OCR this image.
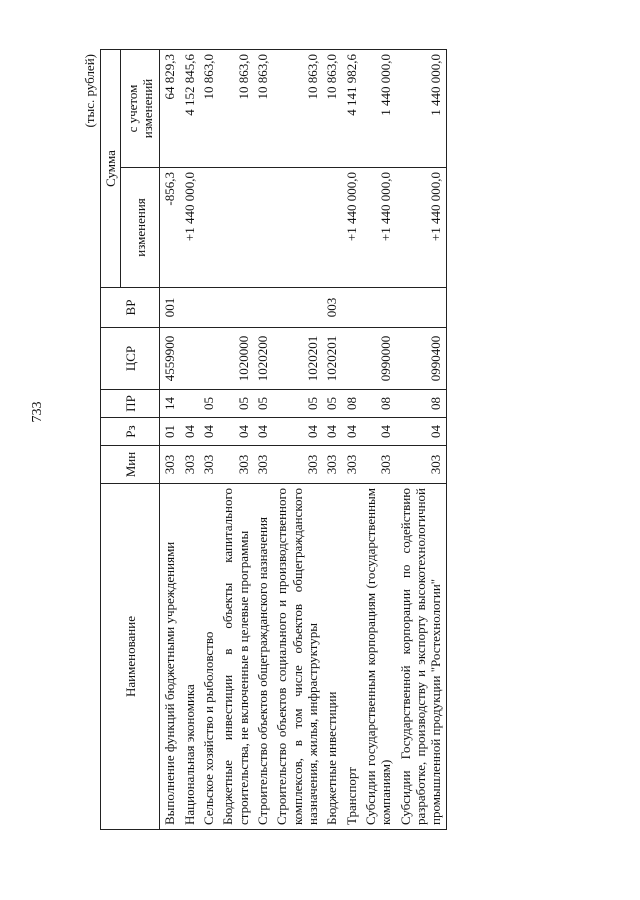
733
(тыс. рублей)
Наименование	Мин	Рз	ПР	ЦСР	ВР	Сумма	
						изменения	с учетом изменений
Выполнение функций бюджетными учреждениями	303	01	14	4559900	001	-856,3	64 829,3
Национальная экономика	303	04				+1 440 000,0	4 152 845,6
Сельское хозяйство и рыболовство	303	04	05				10 863,0
Бюджетные инвестиции в объекты капитального строительства, не включенные в целевые программы	303	04	05	1020000			10 863,0
Строительство объектов общегражданского назначения	303	04	05	1020200			10 863,0
Строительство объектов социального и производственного комплексов, в том числе объектов общегражданского назначения, жилья, инфраструктуры	303	04	05	1020201			10 863,0
Бюджетные инвестиции	303	04	05	1020201	003		10 863,0
Транспорт	303	04	08			+1 440 000,0	4 141 982,6
Субсидии государственным корпорациям (государственным компаниям)	303	04	08	0990000		+1 440 000,0	1 440 000,0
Субсидии Государственной корпорации по содействию разработке, производству и экспорту высокотехнологичной промышленной продукции "Ростехнологии"	303	04	08	0990400		+1 440 000,0	1 440 000,0
